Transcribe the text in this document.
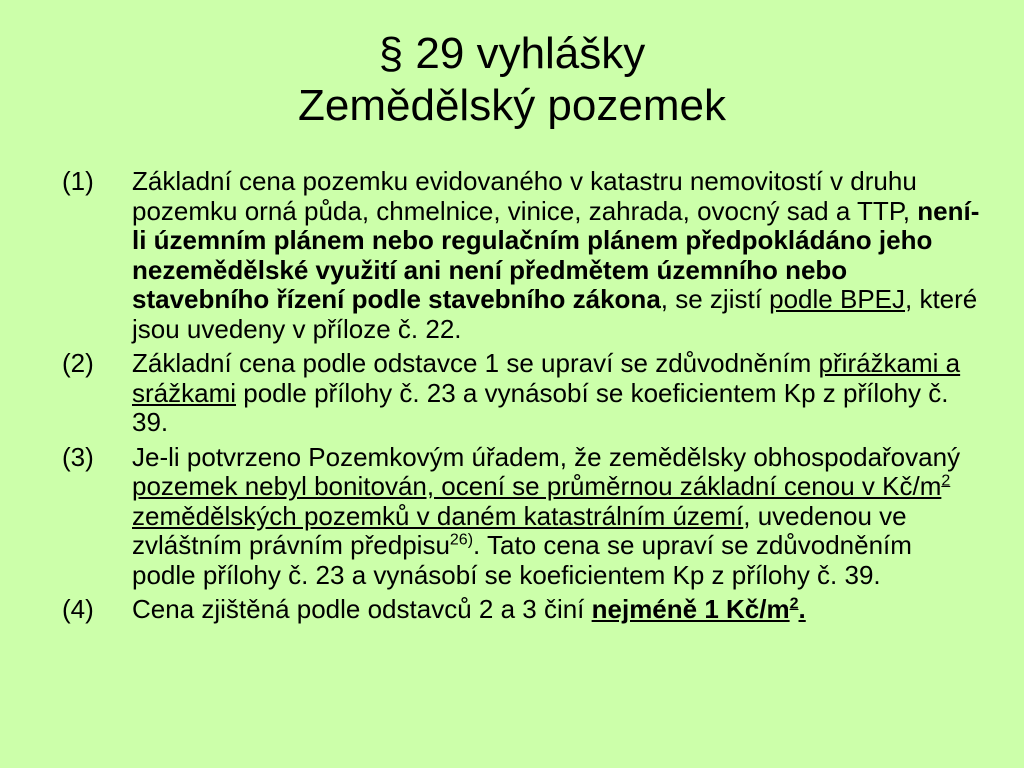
§ 29 vyhlášky
Zemědělský pozemek
(1)	Základní cena pozemku evidovaného v katastru nemovitostí v druhu pozemku orná půda, chmelnice, vinice, zahrada, ovocný sad a TTP, není-li územním plánem nebo regulačním plánem předpokládáno jeho nezemědělské využití ani není předmětem územního nebo stavebního řízení podle stavebního zákona, se zjistí podle BPEJ, které jsou uvedeny v příloze č. 22.
(2)	Základní cena podle odstavce 1 se upraví se zdůvodněním přirážkami a srážkami podle přílohy č. 23 a vynásobí se koeficientem Kp z přílohy č. 39.
(3)	Je-li potvrzeno Pozemkovým úřadem, že zemědělsky obhospodařovaný pozemek nebyl bonitován, ocení se průměrnou základní cenou v $Kč/m^2$ zemědělských pozemků v daném katastrálním území, uvedenou ve zvláštním právním předpisu$^{26)}$. Tato cena se upraví se zdůvodněním podle přílohy č. 23 a vynásobí se koeficientem Kp z přílohy č. 39.
(4)	Cena zjištěná podle odstavců 2 a 3 činí nejméně 1 $Kč/m^2$.
